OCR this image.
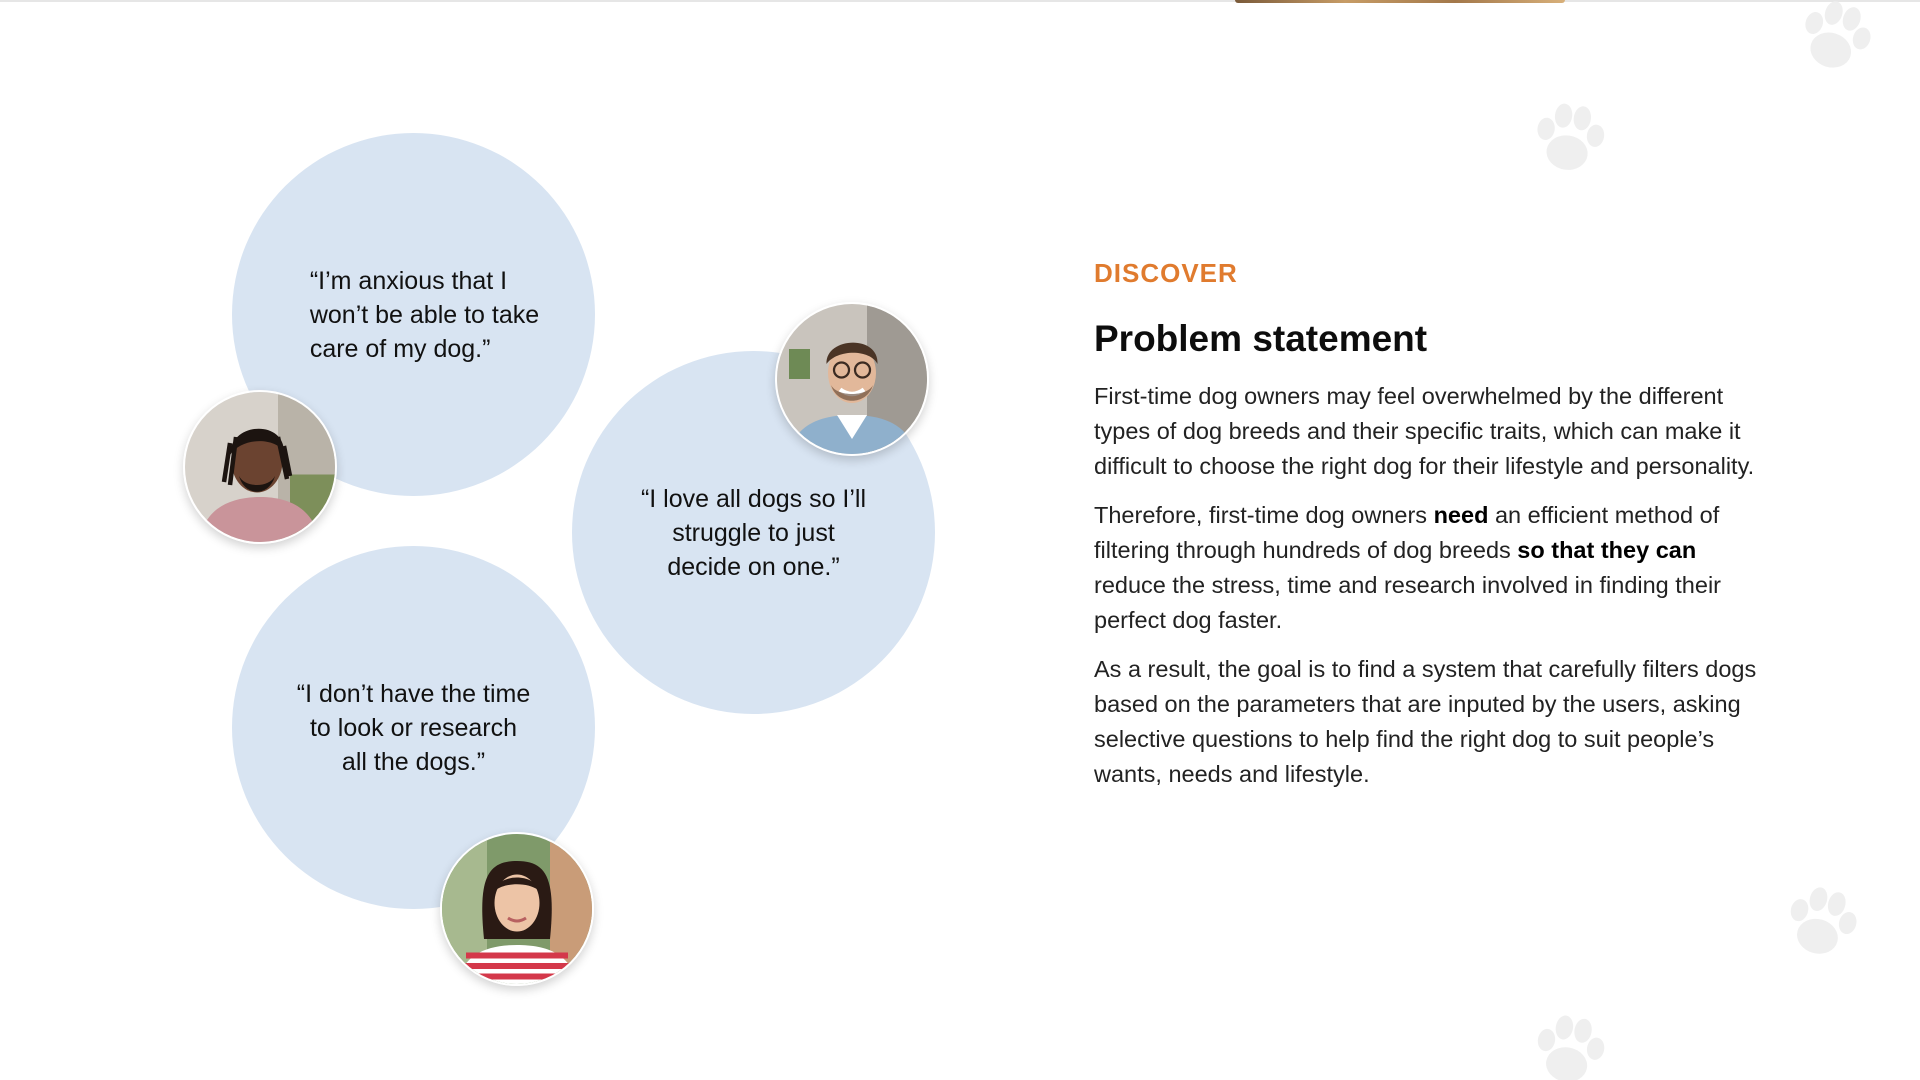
“I’m anxious that I
won’t be able to take
care of my dog.”
“I love all dogs so I’ll
struggle to just
decide on one.”
“I don’t have the time
to look or research
all the dogs.”
DISCOVER
Problem statement

First-time dog owners may feel overwhelmed by the different types of dog breeds and their specific traits, which can make it difficult to choose the right dog for their lifestyle and personality.

Therefore, first-time dog owners need an efficient method of filtering through hundreds of dog breeds so that they can reduce the stress, time and research involved in finding their perfect dog faster.

As a result, the goal is to find a system that carefully filters dogs based on the parameters that are inputed by the users, asking selective questions to help find the right dog to suit people’s wants, needs and lifestyle.
